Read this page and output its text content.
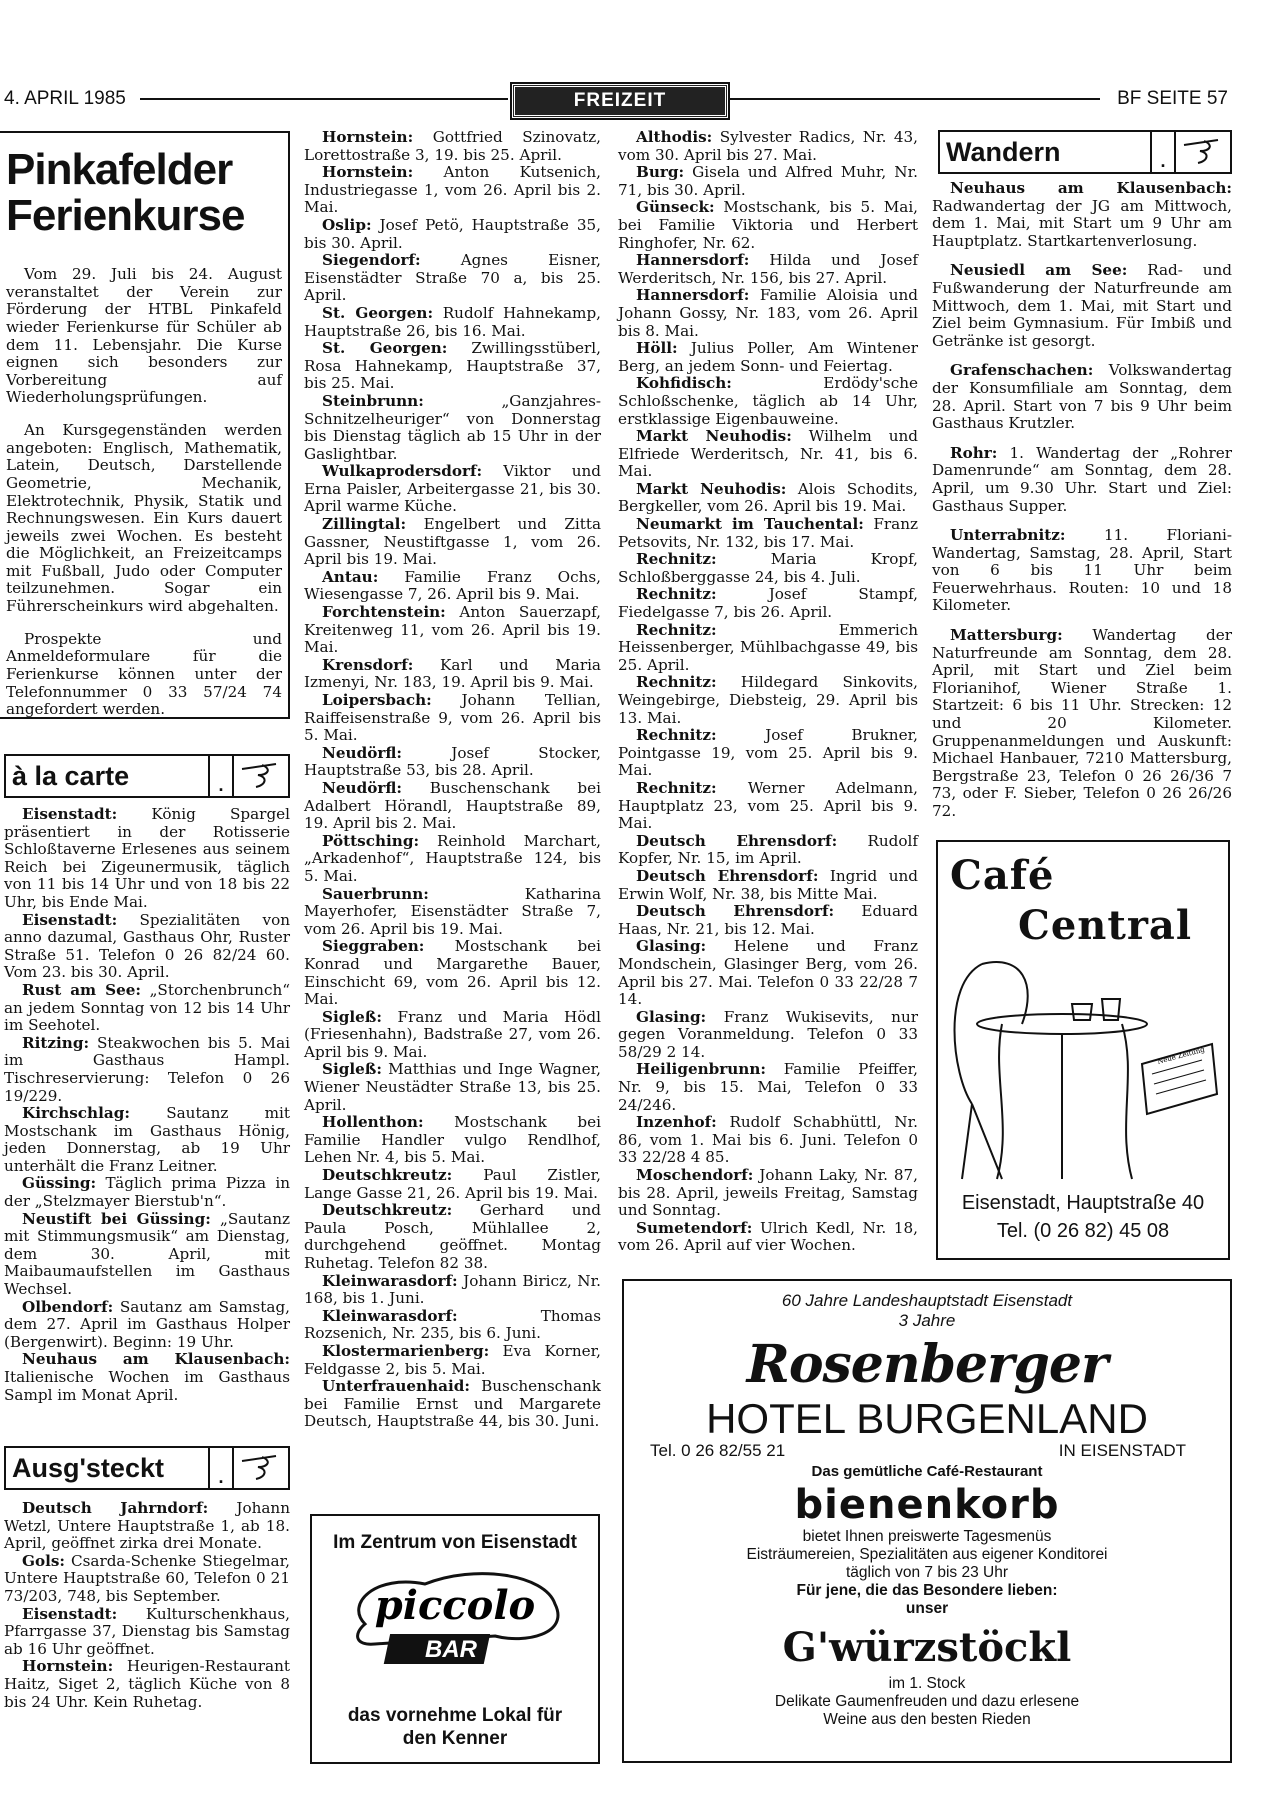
4. APRIL 1985	FREIZEIT	BF SEITE 57
Pinkafelder
Ferienkurse

Vom 29. Juli bis 24. August veranstaltet der Verein zur Förderung der HTBL Pinkafeld wieder Ferienkurse für Schüler ab dem 11. Lebensjahr. Die Kurse eignen sich besonders zur Vorbereitung auf Wiederholungsprüfungen.

An Kursgegenständen werden angeboten: Englisch, Mathematik, Latein, Deutsch, Darstellende Geometrie, Mechanik, Elektrotechnik, Physik, Statik und Rechnungswesen. Ein Kurs dauert jeweils zwei Wochen. Es besteht die Möglichkeit, an Freizeitcamps mit Fußball, Judo oder Computer teilzunehmen. Sogar ein Führerscheinkurs wird abgehalten.

Prospekte und Anmeldeformulare für die Ferienkurse können unter der Telefonnummer 0 33 57/24 74 angefordert werden.

à la carte	.

Eisenstadt: König Spargel präsentiert in der Rotisserie Schloßtaverne Erlesenes aus seinem Reich bei Zigeunermusik, täglich von 11 bis 14 Uhr und von 18 bis 22 Uhr, bis Ende Mai.

Eisenstadt: Spezialitäten von anno dazumal, Gasthaus Ohr, Ruster Straße 51. Telefon 0 26 82/24 60. Vom 23. bis 30. April.

Rust am See: „Storchenbrunch“ an jedem Sonntag von 12 bis 14 Uhr im Seehotel.

Ritzing: Steakwochen bis 5. Mai im Gasthaus Hampl. Tischreservierung: Telefon 0 26 19/229.

Kirchschlag: Sautanz mit Mostschank im Gasthaus Hönig, jeden Donnerstag, ab 19 Uhr unterhält die Franz Leitner.

Güssing: Täglich prima Pizza in der „Stelzmayer Bierstub'n“.

Neustift bei Güssing: „Sautanz mit Stimmungsmusik“ am Dienstag, dem 30. April, mit Maibaumaufstellen im Gasthaus Wechsel.

Olbendorf: Sautanz am Samstag, dem 27. April im Gasthaus Holper (Bergenwirt). Beginn: 19 Uhr.

Neuhaus am Klausenbach: Italienische Wochen im Gasthaus Sampl im Monat April.

Ausg'steckt	.

Deutsch Jahrndorf: Johann Wetzl, Untere Hauptstraße 1, ab 18. April, geöffnet zirka drei Monate.

Gols: Csarda-Schenke Stiegelmar, Untere Hauptstraße 60, Telefon 0 21 73/203, 748, bis September.

Eisenstadt: Kulturschenkhaus, Pfarrgasse 37, Dienstag bis Samstag ab 16 Uhr geöffnet.

Hornstein: Heurigen-Restaurant Haitz, Siget 2, täglich Küche von 8 bis 24 Uhr. Kein Ruhetag.

Hornstein: Gottfried Szinovatz, Lorettostraße 3, 19. bis 25. April.

Hornstein: Anton Kutsenich, Industriegasse 1, vom 26. April bis 2. Mai.

Oslip: Josef Petö, Hauptstraße 35, bis 30. April.

Siegendorf:	Agnes Eisner, Eisenstädter Straße 70 a, bis 25. April.

St. Georgen: Rudolf Hahnekamp, Hauptstraße 26, bis 16. Mai.

St. Georgen: Zwillingsstüberl, Rosa Hahnekamp, Hauptstraße 37, bis 25. Mai.

Steinbrunn:	„Ganzjahres-Schnitzelheuriger“ von Donnerstag bis Dienstag täglich ab 15 Uhr in der Gaslightbar.

Wulkaprodersdorf: Viktor und Erna Paisler, Arbeitergasse 21, bis 30. April warme Küche.

Zillingtal: Engelbert und Zitta Gassner, Neustiftgasse 1, vom 26. April bis 19. Mai.

Antau: Familie Franz Ochs, Wiesengasse 7, 26. April bis 9. Mai.

Forchtenstein: Anton Sauerzapf, Kreitenweg 11, vom 26. April bis 19. Mai.

Krensdorf: Karl und Maria Izmenyi, Nr. 183, 19. April bis 9. Mai.

Loipersbach: Johann Tellian, Raiffeisenstraße 9, vom 26. April bis 5. Mai.

Neudörfl:	Josef Stocker, Hauptstraße 53, bis 28. April.

Neudörfl: Buschenschank bei Adalbert Hörandl, Hauptstraße 89, 19. April bis 2. Mai.

Pöttsching: Reinhold Marchart, „Arkadenhof“, Hauptstraße 124, bis 5. Mai.

Sauerbrunn:	Katharina Mayerhofer, Eisenstädter Straße 7, vom 26. April bis 19. Mai.

Sieggraben: Mostschank bei Konrad und Margarethe Bauer, Einschicht 69, vom 26. April bis 12. Mai.

Sigleß: Franz und Maria Hödl (Friesenhahn), Badstraße 27, vom 26. April bis 9. Mai.

Sigleß: Matthias und Inge Wagner, Wiener Neustädter Straße 13, bis 25. April.

Hollenthon: Mostschank bei Familie Handler vulgo Rendlhof, Lehen Nr. 4, bis 5. Mai.

Deutschkreutz: Paul Zistler, Lange Gasse 21, 26. April bis 19. Mai.

Deutschkreutz: Gerhard und Paula Posch, Mühlallee 2, durchgehend geöffnet. Montag Ruhetag. Telefon 82 38.

Kleinwarasdorf: Johann Biricz, Nr. 168, bis 1. Juni.

Kleinwarasdorf:	Thomas Rozsenich, Nr. 235, bis 6. Juni.

Klostermarienberg: Eva Korner, Feldgasse 2, bis 5. Mai.

Unterfrauenhaid: Buschenschank bei Familie Ernst und Margarete Deutsch, Hauptstraße 44, bis 30. Juni.

Im Zentrum von Eisenstadt
piccolo
BAR
das vornehme Lokal für
den Kenner

Althodis: Sylvester Radics, Nr. 43, vom 30. April bis 27. Mai.

Burg: Gisela und Alfred Muhr, Nr. 71, bis 30. April.

Günseck: Mostschank, bis 5. Mai, bei Familie Viktoria und Herbert Ringhofer, Nr. 62.

Hannersdorf: Hilda und Josef Werderitsch, Nr. 156, bis 27. April.

Hannersdorf: Familie Aloisia und Johann Gossy, Nr. 183, vom 26. April bis 8. Mai.

Höll: Julius Poller, Am Wintener Berg, an jedem Sonn- und Feiertag.

Kohfidisch:	Erdödy'sche Schloßschenke, täglich ab 14 Uhr, erstklassige Eigenbauweine.

Markt Neuhodis: Wilhelm und Elfriede Werderitsch, Nr. 41, bis 6. Mai.

Markt Neuhodis: Alois Schodits, Bergkeller, vom 26. April bis 19. Mai.

Neumarkt im Tauchental: Franz Petsovits, Nr. 132, bis 17. Mai.

Rechnitz:	Maria Kropf, Schloßberggasse 24, bis 4. Juli.

Rechnitz:	Josef Stampf, Fiedelgasse 7, bis 26. April.

Rechnitz:	Emmerich Heissenberger, Mühlbachgasse 49, bis 25. April.

Rechnitz: Hildegard Sinkovits, Weingebirge, Diebsteig, 29. April bis 13. Mai.

Rechnitz:	Josef Brukner, Pointgasse 19, vom 25. April bis 9. Mai.

Rechnitz: Werner Adelmann, Hauptplatz 23, vom 25. April bis 9. Mai.

Deutsch Ehrensdorf: Rudolf Kopfer, Nr. 15, im April.

Deutsch Ehrensdorf: Ingrid und Erwin Wolf, Nr. 38, bis Mitte Mai.

Deutsch Ehrensdorf: Eduard Haas, Nr. 21, bis 12. Mai.

Glasing: Helene und Franz Mondschein, Glasinger Berg, vom 26. April bis 27. Mai. Telefon 0 33 22/28 7 14.

Glasing: Franz Wukisevits, nur gegen Voranmeldung. Telefon 0 33 58/29 2 14.

Heiligenbrunn: Familie Pfeiffer, Nr. 9, bis 15. Mai, Telefon 0 33 24/246.

Inzenhof: Rudolf Schabhüttl, Nr. 86, vom 1. Mai bis 6. Juni. Telefon 0 33 22/28 4 85.

Moschendorf: Johann Laky, Nr. 87, bis 28. April, jeweils Freitag, Samstag und Sonntag.

Sumetendorf: Ulrich Kedl, Nr. 18, vom 26. April auf vier Wochen.

Wandern	.

Neuhaus am Klausenbach: Radwandertag der JG am Mittwoch, dem 1. Mai, mit Start um 9 Uhr am Hauptplatz. Startkartenverlosung.

Neusiedl am See: Rad- und Fußwanderung der Naturfreunde am Mittwoch, dem 1. Mai, mit Start und Ziel beim Gymnasium. Für Imbiß und Getränke ist gesorgt.

Grafenschachen: Volkswandertag der Konsumfiliale am Sonntag, dem 28. April. Start von 7 bis 9 Uhr beim Gasthaus Krutzler.

Rohr: 1. Wandertag der „Rohrer Damenrunde“ am Sonntag, dem 28. April, um 9.30 Uhr. Start und Ziel: Gasthaus Supper.

Unterrabnitz:	11. Floriani-Wandertag, Samstag, 28. April, Start von 6 bis 11 Uhr beim Feuerwehrhaus. Routen: 10 und 18 Kilometer.

Mattersburg: Wandertag der Naturfreunde am Sonntag, dem 28. April, mit Start und Ziel beim Florianihof, Wiener Straße 1. Startzeit: 6 bis 11 Uhr. Strecken: 12 und 20 Kilometer. Gruppenanmeldungen und Auskunft: Michael Hanbauer, 7210 Mattersburg, Bergstraße 23, Telefon 0 26 26/36 7 73, oder F. Sieber, Telefon 0 26 26/26 72.

Café
Central
Neue Zeitung
Eisenstadt, Hauptstraße 40
Tel. (0 26 82) 45 08
60 Jahre Landeshauptstadt Eisenstadt
3 Jahre
Rosenberger
HOTEL BURGENLAND
Tel. 0 26 82/55 21	IN EISENSTADT
Das gemütliche Café-Restaurant
bienenkorb
bietet Ihnen preiswerte Tagesmenüs
Eisträumereien, Spezialitäten aus eigener Konditorei
täglich von 7 bis 23 Uhr
Für jene, die das Besondere lieben:
unser
G'würzstöckl
im 1. Stock
Delikate Gaumenfreuden und dazu erlesene
Weine aus den besten Rieden
